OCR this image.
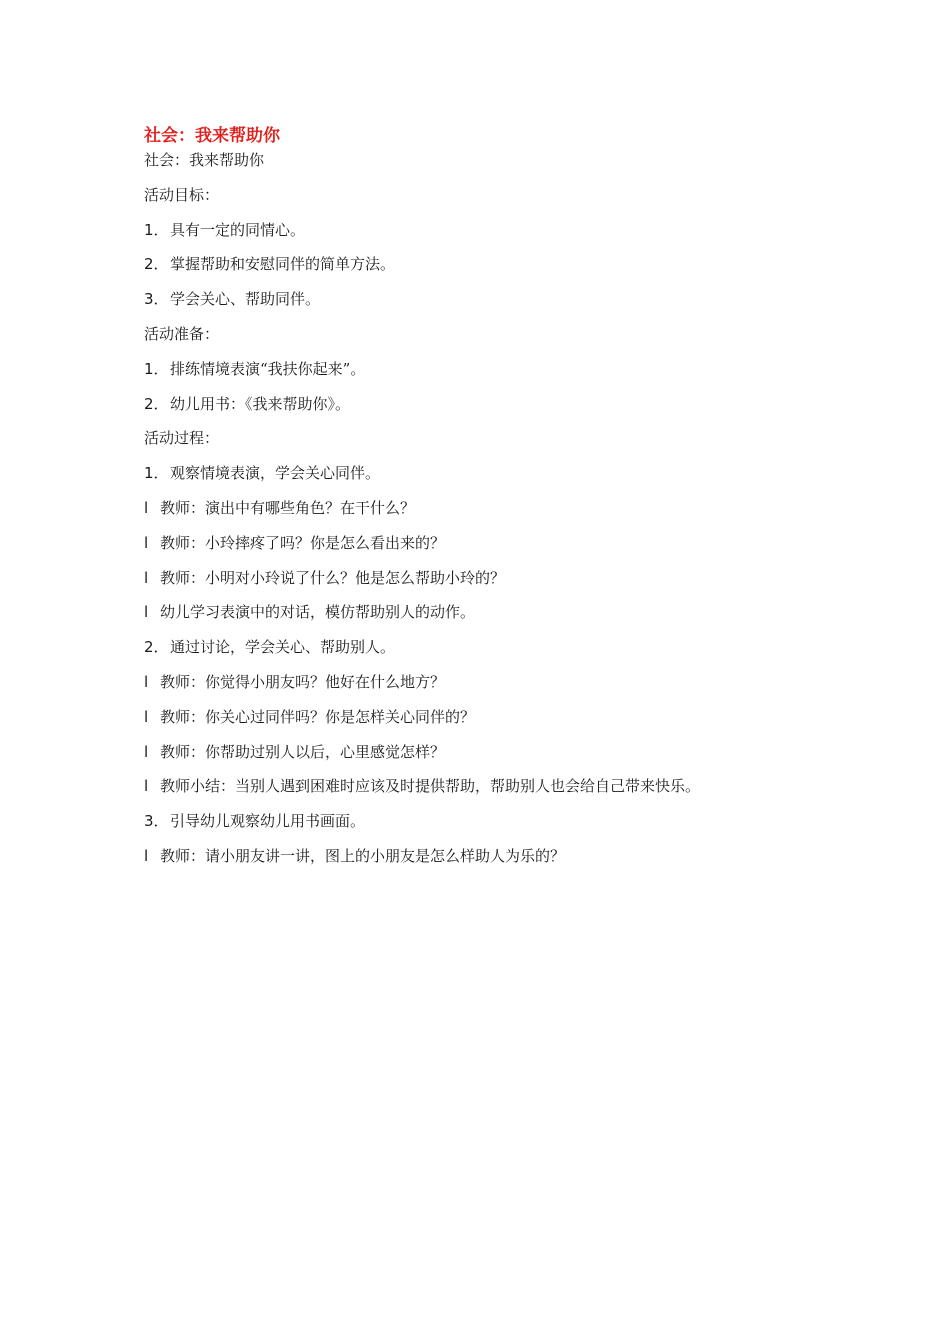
社会：我来帮助你

社会：我来帮助你

活动目标：

1．具有一定的同情心。

2．掌握帮助和安慰同伴的简单方法。

3．学会关心、帮助同伴。

活动准备：

1．排练情境表演“我扶你起来”。

2．幼儿用书：《我来帮助你》。

活动过程：

1．观察情境表演，学会关心同伴。

l 教师：演出中有哪些角色？在干什么？

l 教师：小玲摔疼了吗？你是怎么看出来的？

l 教师：小明对小玲说了什么？他是怎么帮助小玲的？

l 幼儿学习表演中的对话，模仿帮助别人的动作。

2．通过讨论，学会关心、帮助别人。

l 教师：你觉得小朋友吗？他好在什么地方？

l 教师：你关心过同伴吗？你是怎样关心同伴的？

l 教师：你帮助过别人以后，心里感觉怎样？

l 教师小结：当别人遇到困难时应该及时提供帮助，帮助别人也会给自己带来快乐。

3．引导幼儿观察幼儿用书画面。

l 教师：请小朋友讲一讲，图上的小朋友是怎么样助人为乐的？
